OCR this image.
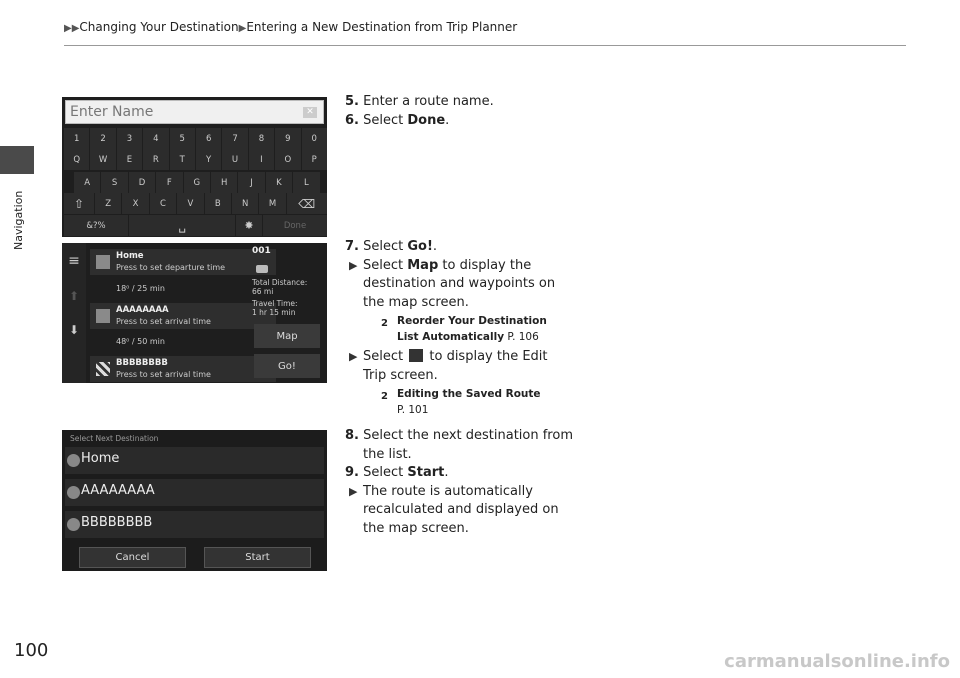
▶▶Changing Your Destination▶Entering a New Destination from Trip Planner
Navigation
Enter Name	✕
1	2	3	4	5	6	7	8	9	0
Q	W	E	R	T	Y	U	I	O	P
A	S	D	F	G	H	J	K	L
⇧	Z	X	C	V	B	N	M	⌫
&?%	␣	✸	Done
≡
⬆
⬇
Home
Press to set departure time
18⁰ / 25 min
AAAAAAAA
Press to set arrival time
48⁰ / 50 min
BBBBBBBB
Press to set arrival time
001
Total Distance:
66 mi
Travel Time:
1 hr 15 min
Map
Go!
Select Next Destination
Home
AAAAAAAA
BBBBBBBB
Cancel	Start
5. Enter a route name.
6. Select Done.
7. Select Go!.
▶ Select Map to display the
destination and waypoints on
the map screen.
2 Reorder Your Destination
List Automatically P. 106
▶ Select  to display the Edit
Trip screen.
2 Editing the Saved Route
P. 101
8. Select the next destination from
the list.
9. Select Start.
▶ The route is automatically
recalculated and displayed on
the map screen.
100
carmanualsonline.info
